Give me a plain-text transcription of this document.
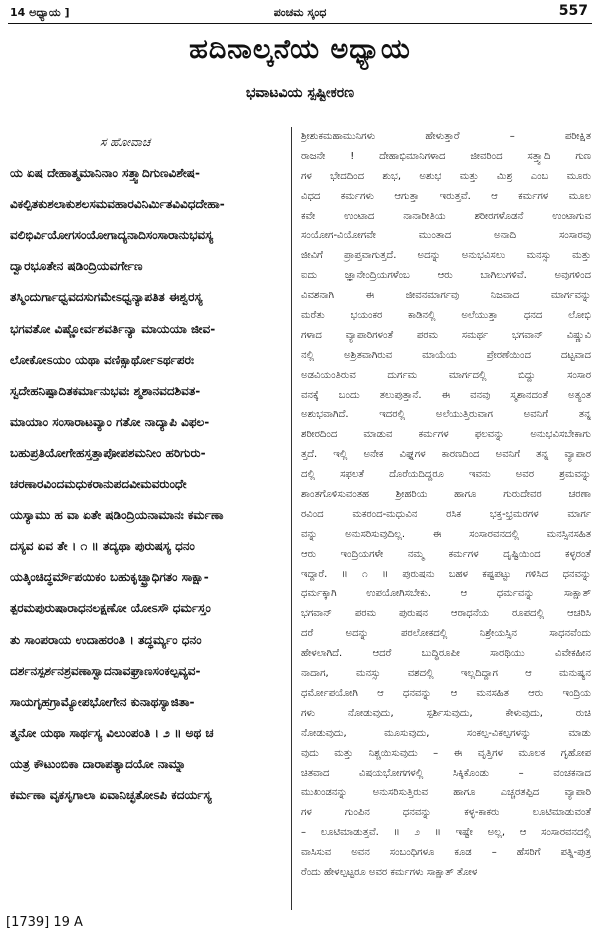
14 ಅಧ್ಯಾಯ ]	ಪಂಚಮ ಸ್ಕಂಧ	557
ಹದಿನಾಲ್ಕನೆಯ ಅಧ್ಯಾಯ
ಭವಾಟವಿಯ ಸ್ಪಷ್ಟೀಕರಣ
ಸ ಹೋವಾಚ
ಯ ಏಷ ದೇಹಾತ್ಮಮಾನಿನಾಂ ಸತ್ತ್ವಾದಿಗುಣವಿಶೇಷ-
ವಿಕಲ್ಪಿತಕುಶಲಾಕುಶಲಸಮವಹಾರವಿನಿರ್ಮಿತವಿವಿಧದೇಹಾ-
ವಲಿಭಿರ್ವಿಯೋಗಸಂಯೋಗಾದ್ಯನಾದಿಸಂಸಾರಾನುಭವಸ್ಯ
ದ್ವಾರಭೂತೇನ ಷಡಿಂದ್ರಿಯವರ್ಗೇಣ
ತಸ್ಮಿಂದುರ್ಗಾಧ್ವವದಸುಗಮೇಽಧ್ವನ್ಯಾಪತಿತ ಈಶ್ವರಸ್ಯ
ಭಗವತೋ ವಿಷ್ಣೋರ್ವಶವರ್ತಿನ್ಯಾ ಮಾಯಯಾ ಜೀವ-
ಲೋಕೋಽಯಂ ಯಥಾ ವಣಿಕ್ಸಾರ್ಥೋಽರ್ಥಪರಃ
ಸ್ವದೇಹನಿಷ್ಪಾದಿತಕರ್ಮಾನುಭವಃ ಶ್ಮಶಾನವದಶಿವತ-
ಮಾಯಾಂ ಸಂಸಾರಾಟವ್ಯಾಂ ಗತೋ ನಾದ್ಯಾಪಿ ವಿಫಲ-
ಬಹುಪ್ರತಿಯೋಗೇಹಸ್ತತ್ತಾಪೋಪಶಮನೀಂ ಹರಿಗುರು-
ಚರಣಾರವಿಂದಮಧುಕರಾನುಪದವೀಮವರುಂಧೇ
ಯಸ್ಯಾಮು ಹ ವಾ ಏತೇ ಷಡಿಂದ್ರಿಯನಾಮಾನಃ ಕರ್ಮಣಾ
ದಸ್ಯವ ಏವ ತೇ । ೧ ॥ ತದ್ಯಥಾ ಪುರುಷಸ್ಯ ಧನಂ
ಯತ್ಕಿಂಚಿದ್ಧರ್ಮೌಪಯಿಕಂ ಬಹುಕೃಚ್ಛ್ರಾಧಿಗತಂ ಸಾಕ್ಷಾ-
ತ್ಪರಮಪುರುಷಾರಾಧನಲಕ್ಷಣೋ ಯೋಽಸೌ ಧರ್ಮಸ್ತಂ
ತು ಸಾಂಪರಾಯ ಉದಾಹರಂತಿ । ತದ್ಧರ್ಮ್ಯಂ ಧನಂ
ದರ್ಶನಸ್ಪರ್ಶನಶ್ರವಣಾಸ್ವಾದನಾವಘ್ರಾಣಸಂಕಲ್ಪವ್ಯವ-
ಸಾಯಗೃಹಗ್ರಾಮ್ಯೋಪಭೋಗೇನ ಕುನಾಥಸ್ಯಾಜಿತಾ-
ತ್ಮನೋ ಯಥಾ ಸಾರ್ಥಸ್ಯ ವಿಲುಂಪಂತಿ । ೨ ॥ ಅಥ ಚ
ಯತ್ರ ಕೌಟುಂಬಿಕಾ ದಾರಾಪತ್ಯಾದಯೋ ನಾಮ್ನಾ
ಕರ್ಮಣಾ ವೃಕಸೃಗಾಲಾ ಏವಾನಿಚ್ಛತೋಽಪಿ ಕದರ್ಯಸ್ಯ
ಶ್ರೀಶುಕಮಹಾಮುನಿಗಳು ಹೇಳುತ್ತಾರೆ – ಪರೀಕ್ಷಿತ
ರಾಜನೇ ! ದೇಹಾಭಿಮಾನಿಗಳಾದ ಜೀವರಿಂದ ಸತ್ತ್ವಾದಿ ಗುಣ
ಗಳ ಭೇದದಿಂದ ಶುಭ, ಅಶುಭ ಮತ್ತು ಮಿಶ್ರ ಎಂಬ ಮೂರು
ವಿಧದ ಕರ್ಮಗಳು ಆಗುತ್ತಾ ಇರುತ್ತವೆ. ಆ ಕರ್ಮಗಳ ಮೂಲ
ಕವೇ ಉಂಟಾದ ನಾನಾರೀತಿಯ ಶರೀರಗಳೊಡನೆ ಉಂಟಾಗುವ
ಸಂಯೋಗ-ವಿಯೋಗವೇ ಮುಂತಾದ ಅನಾದಿ ಸಂಸಾರವು
ಜೀವಿಗೆ ಪ್ರಾಪ್ತವಾಗುತ್ತದೆ. ಅದನ್ನು ಅನುಭವಿಸಲು ಮನಸ್ಸು ಮತ್ತು
ಐದು ಜ್ಞಾನೇಂದ್ರಿಯಗಳೆಂಬ ಆರು ಬಾಗಿಲುಗಳಿವೆ. ಅವುಗಳಿಂದ
ವಿವಶನಾಗಿ ಈ ಜೀವನಮಾರ್ಗವು ನಿಜವಾದ ಮಾರ್ಗವನ್ನು
ಮರೆತು ಭಯಂಕರ ಕಾಡಿನಲ್ಲಿ ಅಲೆಯುತ್ತಾ ಧನದ ಲೋಭಿ
ಗಳಾದ ವ್ಯಾಪಾರಿಗಳಂತೆ ಪರಮ ಸಮರ್ಥ ಭಗವಾನ್ ವಿಷ್ಣುವಿ
ನಲ್ಲಿ ಅಶ್ರಿತವಾಗಿರುವ ಮಾಯೆಯ ಪ್ರೇರಣೆಯಿಂದ ದಟ್ಟವಾದ
ಅಡವಿಯಂತಿರುವ ದುರ್ಗಮ ಮಾರ್ಗದಲ್ಲಿ ಬಿದ್ದು ಸಂಸಾರ
ವನಕ್ಕೆ ಬಂದು ತಲುಪುತ್ತಾನೆ. ಈ ವನವು ಸ್ಮಶಾನದಂತೆ ಅತ್ಯಂತ
ಅಶುಭವಾಗಿದೆ. ಇದರಲ್ಲಿ ಅಲೆಯುತ್ತಿರುವಾಗ ಅವನಿಗೆ ತನ್ನ
ಶರೀರದಿಂದ ಮಾಡುವ ಕರ್ಮಗಳ ಫಲವನ್ನು ಅನುಭವಿಸಬೇಕಾಗು
ತ್ತದೆ. ಇಲ್ಲಿ ಅನೇಕ ವಿಘ್ನಗಳ ಕಾರಣದಿಂದ ಅವನಿಗೆ ತನ್ನ ವ್ಯಾಪಾರ
ದಲ್ಲಿ ಸಫಲತೆ ದೊರೆಯದಿದ್ದರೂ ಇವನು ಅವರ ಶ್ರಮವನ್ನು
ಶಾಂತಗೊಳಿಸುವಂತಹ ಶ್ರೀಹರಿಯ ಹಾಗೂ ಗುರುದೇವರ ಚರಣಾ
ರವಿಂದ ಮಕರಂದ-ಮಧುವಿನ ರಸಿಕ ಭಕ್ತ-ಭ್ರಮರಗಳ ಮಾರ್ಗ
ವನ್ನು ಅನುಸರಿಸುವುದಿಲ್ಲ. ಈ ಸಂಸಾರವನದಲ್ಲಿ ಮನಸ್ಸಿನಸಹಿತ
ಆರು ಇಂದ್ರಿಯಗಳೇ ನಮ್ಮ ಕರ್ಮಗಳ ದೃಷ್ಟಿಯಿಂದ ಕಳ್ಳರಂತೆ
ಇದ್ದಾರೆ. ॥ ೧ ॥ ಪುರುಷನು ಬಹಳ ಕಷ್ಟಪಟ್ಟು ಗಳಿಸಿದ ಧನವನ್ನು
ಧರ್ಮಕ್ಕಾಗಿ ಉಪಯೋಗಿಸಬೇಕು. ಆ ಧರ್ಮವನ್ನು ಸಾಕ್ಷಾತ್
ಭಗವಾನ್ ಪರಮ ಪುರುಷನ ಆರಾಧನೆಯ ರೂಪದಲ್ಲಿ ಆಚರಿಸಿ
ದರೆ ಅದನ್ನು ಪರಲೋಕದಲ್ಲಿ ನಿಶ್ರೇಯಸ್ಸಿನ ಸಾಧನವೆಂದು
ಹೇಳಲಾಗಿದೆ. ಆದರೆ ಬುದ್ಧಿರೂಪೀ ಸಾರಥಿಯು ವಿವೇಕಹೀನ
ನಾದಾಗ, ಮನಸ್ಸು ವಶದಲ್ಲಿ ಇಲ್ಲದಿದ್ದಾಗ ಆ ಮನುಷ್ಯನ
ಧರ್ಮೋಪಯೋಗಿ ಆ ಧನವನ್ನು ಆ ಮನಸಹಿತ ಆರು ಇಂದ್ರಿಯ
ಗಳು ನೋಡುವುದು, ಸ್ಪರ್ಶಿಸುವುದು, ಕೇಳುವುದು, ರುಚಿ
ನೋಡುವುದು, ಮೂಸುವುದು, ಸಂಕಲ್ಪ-ವಿಕಲ್ಪಗಳನ್ನು ಮಾಡು
ವುದು ಮತ್ತು ನಿಶ್ಚಯಿಸುವುದು – ಈ ವೃತ್ತಿಗಳ ಮೂಲಕ ಗೃಹೋಪ
ಚಿತವಾದ ವಿಷಯಭೋಗಗಳಲ್ಲಿ ಸಿಕ್ಕಿಕೊಂಡು – ವಂಚಕನಾದ
ಮುಖಂಡನನ್ನು ಅನುಸರಿಸುತ್ತಿರುವ ಹಾಗೂ ಎಚ್ಚರತಪ್ಪಿದ ವ್ಯಾಪಾರಿ
ಗಳ ಗುಂಪಿನ ಧನವನ್ನು ಕಳ್ಳ-ಕಾಕರು ಲೂಟಿಮಾಡುವಂತೆ
– ಲೂಟಿಮಾಡುತ್ತವೆ. ॥ ೨ ॥ ಇಷ್ಟೇ ಅಲ್ಲ, ಆ ಸಂಸಾರವನದಲ್ಲಿ
ವಾಸಿಸುವ ಅವನ ಸಂಬಂಧಿಗಳೂ ಕೂಡ – ಹೆಸರಿಗೆ ಪತ್ನಿ-ಪುತ್ರ
ರೆಂದು ಹೇಳಲ್ಪಟ್ಟರೂ ಅವರ ಕರ್ಮಗಳು ಸಾಕ್ಷಾತ್ ತೋಳ
[1739] 19 A
